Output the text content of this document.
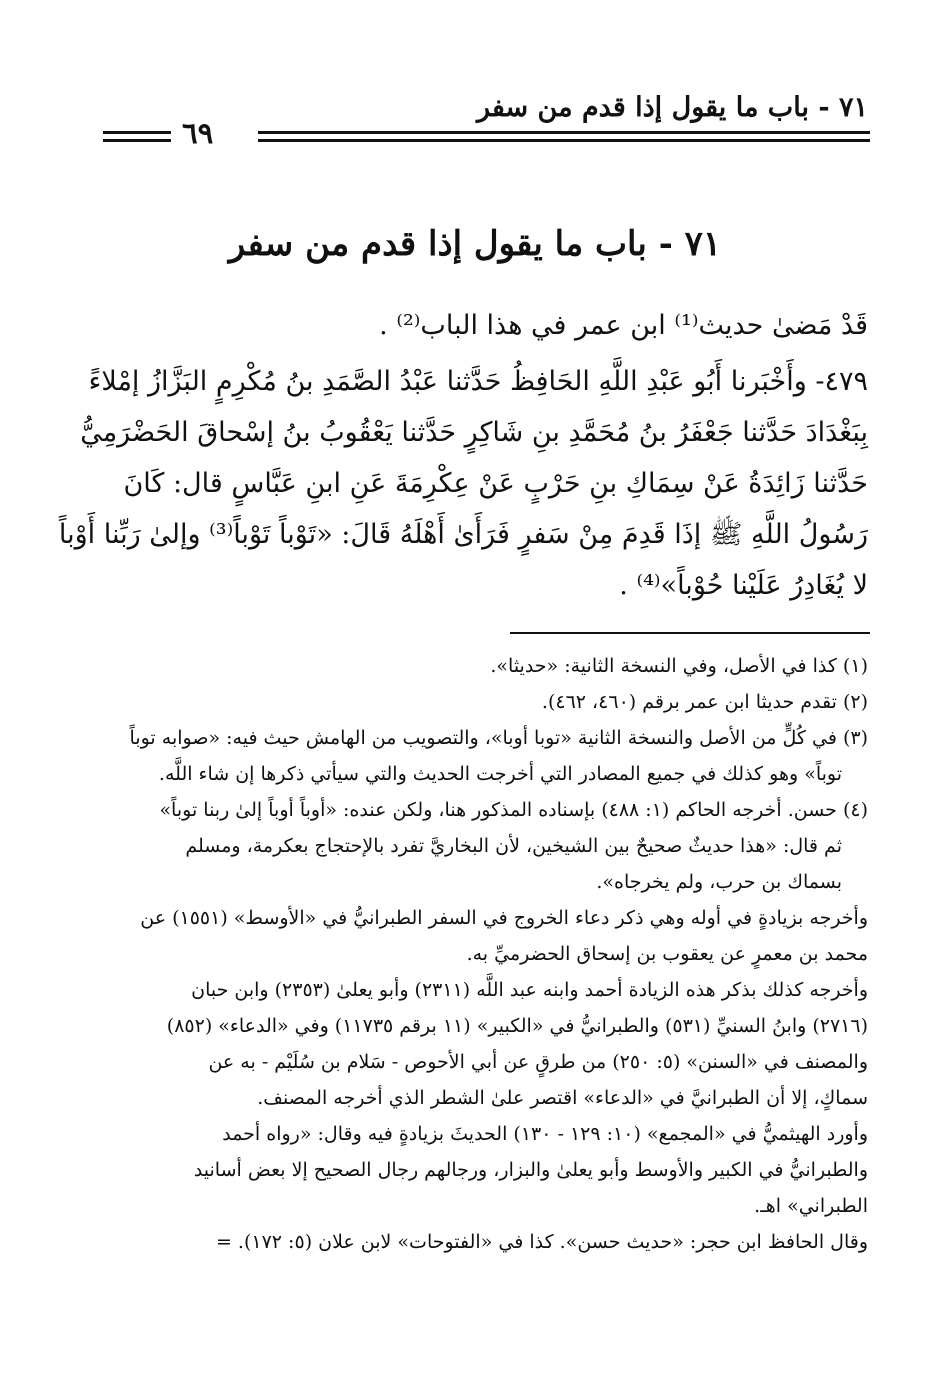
٧١ - باب ما يقول إذا قدم من سفر
٦٩
٧١ - باب ما يقول إذا قدم من سفر
قَدْ مَضىٰ حديث⁽¹⁾ ابن عمر في هذا الباب⁽²⁾ .
٤٧٩- وأَخْبَرنا أَبُو عَبْدِ اللَّهِ الحَافِظُ حَدَّثنا عَبْدُ الصَّمَدِ بنُ مُكْرِمٍ البَزَّازُ إمْلاءً
بِبَغْدَادَ حَدَّثنا جَعْفَرُ بنُ مُحَمَّدِ بنِ شَاكِرٍ حَدَّثنا يَعْقُوبُ بنُ إسْحاقَ الحَضْرَمِيُّ
حَدَّثنا زَائِدَةُ عَنْ سِمَاكِ بنِ حَرْبٍ عَنْ عِكْرِمَةَ عَنِ ابنِ عَبَّاسٍ قال: كَانَ
رَسُولُ اللَّهِ ﷺ إذَا قَدِمَ مِنْ سَفرٍ فَرَأَىٰ أَهْلَهُ قَالَ: «تَوْباً تَوْباً⁽³⁾ وإلىٰ رَبِّنا أَوْباً
لا يُغَادِرُ عَلَيْنا حُوْباً»⁽⁴⁾ .
(١) كذا في الأصل، وفي النسخة الثانية: «حديثا».
(٢) تقدم حديثا ابن عمر برقم (٤٦٠، ٤٦٢).
(٣) في كُلٍّ من الأصل والنسخة الثانية «توبا أوبا»، والتصويب من الهامش حيث فيه: «صوابه توباً
توباً» وهو كذلك في جميع المصادر التي أخرجت الحديث والتي سيأتي ذكرها إن شاء اللَّه.
(٤) حسن. أخرجه الحاكم (١: ٤٨٨) بإسناده المذكور هنا، ولكن عنده: «أوباً أوباً إلىٰ ربنا توباً»
ثم قال: «هذا حديثٌ صحيحٌ بين الشيخين، لأن البخاريَّ تفرد بالإحتجاج بعكرمة، ومسلم
بسماك بن حرب، ولم يخرجاه».
وأخرجه بزيادةٍ في أوله وهي ذكر دعاء الخروج في السفر الطبرانيُّ في «الأوسط» (١٥٥١) عن
محمد بن معمرٍ عن يعقوب بن إسحاق الحضرميِّ به.
وأخرجه كذلك بذكر هذه الزيادة أحمد وابنه عبد اللَّه (٢٣١١) وأبو يعلىٰ (٢٣٥٣) وابن حبان
(٢٧١٦) وابنُ السنيِّ (٥٣١) والطبرانيُّ في «الكبير» (١١ برقم ١١٧٣٥) وفي «الدعاء» (٨٥٢)
والمصنف في «السنن» (٥: ٢٥٠) من طرقٍ عن أبي الأحوص - سَلام بن سُلَيْم - به عن
سماكٍ، إلا أن الطبرانيَّ في «الدعاء» اقتصر علىٰ الشطر الذي أخرجه المصنف.
وأورد الهيثميُّ في «المجمع» (١٠: ١٢٩ - ١٣٠) الحديثَ بزيادةٍ فيه وقال: «رواه أحمد
والطبرانيُّ في الكبير والأوسط وأبو يعلىٰ والبزار، ورجالهم رجال الصحيح إلا بعض أسانيد
الطبراني» اهـ.
وقال الحافظ ابن حجر: «حديث حسن». كذا في «الفتوحات» لابن علان (٥: ١٧٢). =
